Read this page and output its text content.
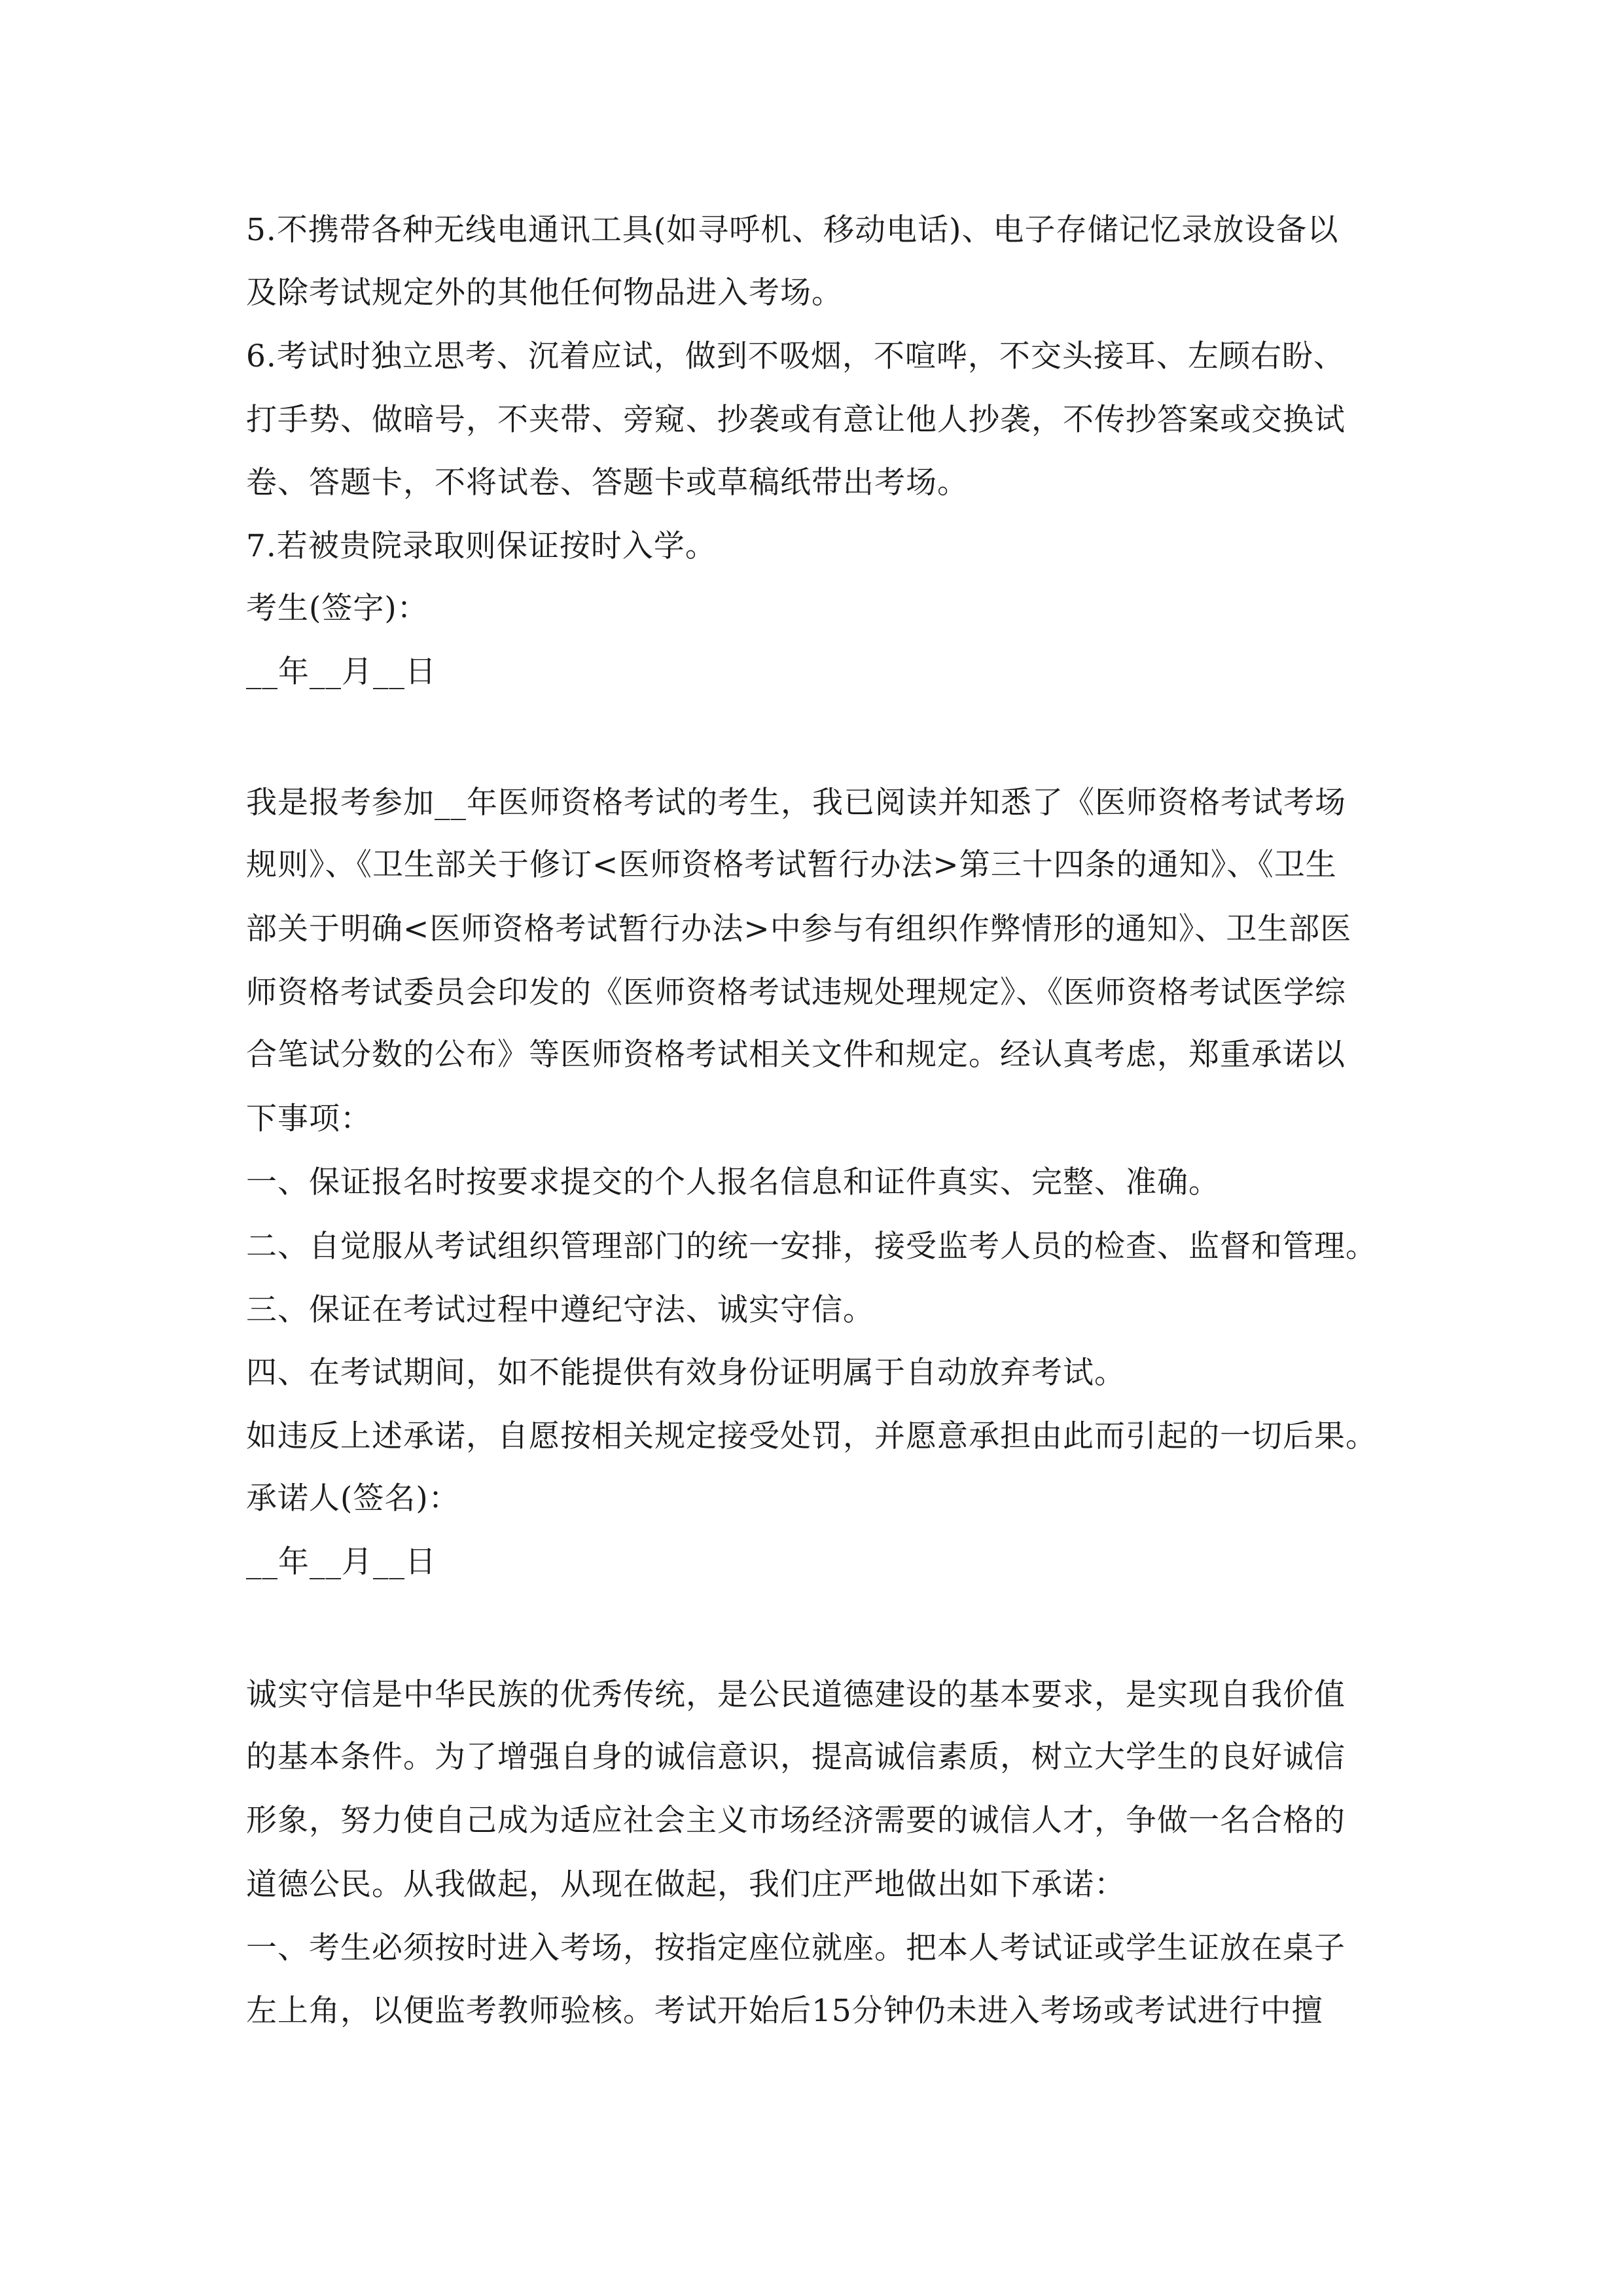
5.不携带各种无线电通讯工具(如寻呼机、移动电话)、电子存储记忆录放设备以
及除考试规定外的其他任何物品进入考场。
6.考试时独立思考、沉着应试，做到不吸烟，不喧哗，不交头接耳、左顾右盼、
打手势、做暗号，不夹带、旁窥、抄袭或有意让他人抄袭，不传抄答案或交换试
卷、答题卡，不将试卷、答题卡或草稿纸带出考场。
7.若被贵院录取则保证按时入学。
考生(签字)：
__年__月__日
我是报考参加__年医师资格考试的考生，我已阅读并知悉了《医师资格考试考场
规则》、《卫生部关于修订<医师资格考试暂行办法>第三十四条的通知》、《卫生
部关于明确<医师资格考试暂行办法>中参与有组织作弊情形的通知》、卫生部医
师资格考试委员会印发的《医师资格考试违规处理规定》、《医师资格考试医学综
合笔试分数的公布》等医师资格考试相关文件和规定。经认真考虑，郑重承诺以
下事项：
一、保证报名时按要求提交的个人报名信息和证件真实、完整、准确。
二、自觉服从考试组织管理部门的统一安排，接受监考人员的检查、监督和管理。
三、保证在考试过程中遵纪守法、诚实守信。
四、在考试期间，如不能提供有效身份证明属于自动放弃考试。
如违反上述承诺，自愿按相关规定接受处罚，并愿意承担由此而引起的一切后果。
承诺人(签名)：
__年__月__日
诚实守信是中华民族的优秀传统，是公民道德建设的基本要求，是实现自我价值
的基本条件。为了增强自身的诚信意识，提高诚信素质，树立大学生的良好诚信
形象，努力使自己成为适应社会主义市场经济需要的诚信人才，争做一名合格的
道德公民。从我做起，从现在做起，我们庄严地做出如下承诺：
一、考生必须按时进入考场，按指定座位就座。把本人考试证或学生证放在桌子
左上角，以便监考教师验核。考试开始后15分钟仍未进入考场或考试进行中擅
